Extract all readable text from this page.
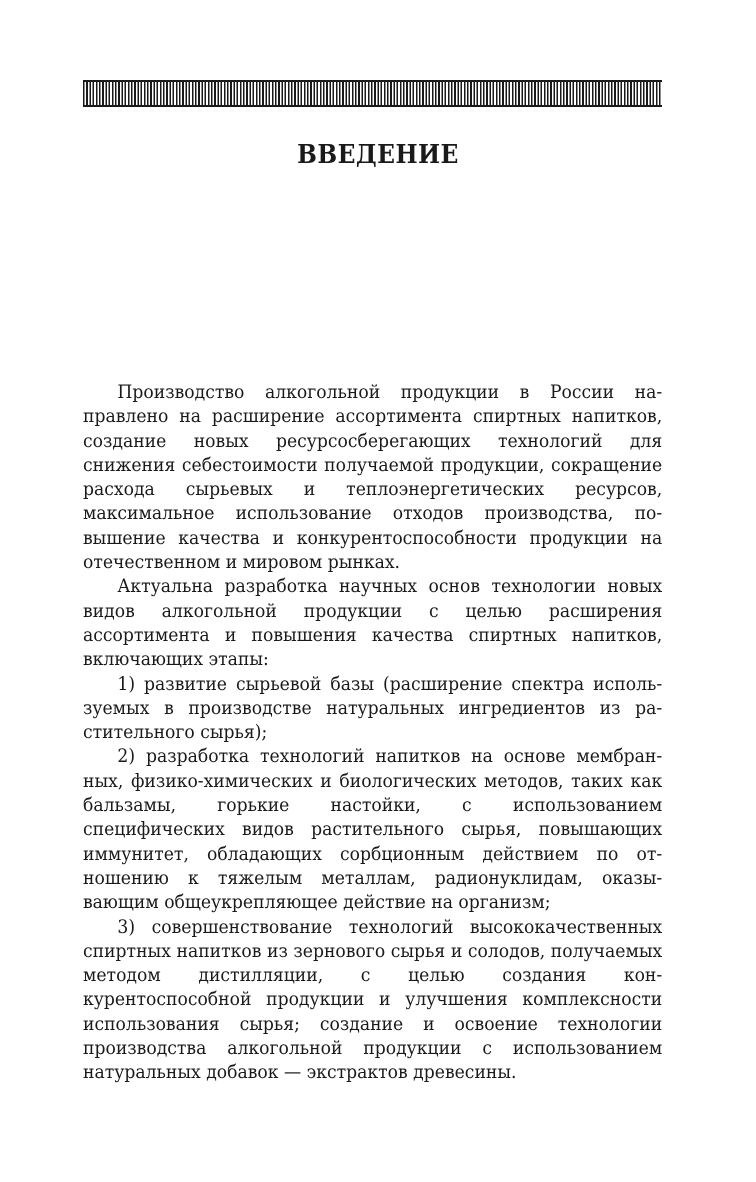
ВВЕДЕНИЕ

Производство алкогольной продукции в России направлено на расширение ассортимента спиртных напитков, создание новых ресурсосберегающих технологий для снижения себестоимости получаемой продукции, сокращение расхода сырьевых и теплоэнергетических ресурсов, максимальное использование отходов производства, повышение качества и конкурентоспособности продукции на отечественном и мировом рынках.

Актуальна разработка научных основ технологии новых видов алкогольной продукции с целью расширения ассортимента и повышения качества спиртных напитков, включающих этапы:

1) развитие сырьевой базы (расширение спектра используемых в производстве натуральных ингредиентов из растительного сырья);

2) разработка технологий напитков на основе мембранных, физико-химических и биологических методов, таких как бальзамы, горькие настойки, с использованием специфических видов растительного сырья, повышающих иммунитет, обладающих сорбционным действием по отношению к тяжелым металлам, радионуклидам, оказывающим общеукрепляющее действие на организм;

3) совершенствование технологий высококачественных спиртных напитков из зернового сырья и солодов, получаемых методом дистилляции, с целью создания конкурентоспособной продукции и улучшения комплексности использования сырья; создание и освоение технологии производства алкогольной продукции с использованием натуральных добавок — экстрактов древесины.
